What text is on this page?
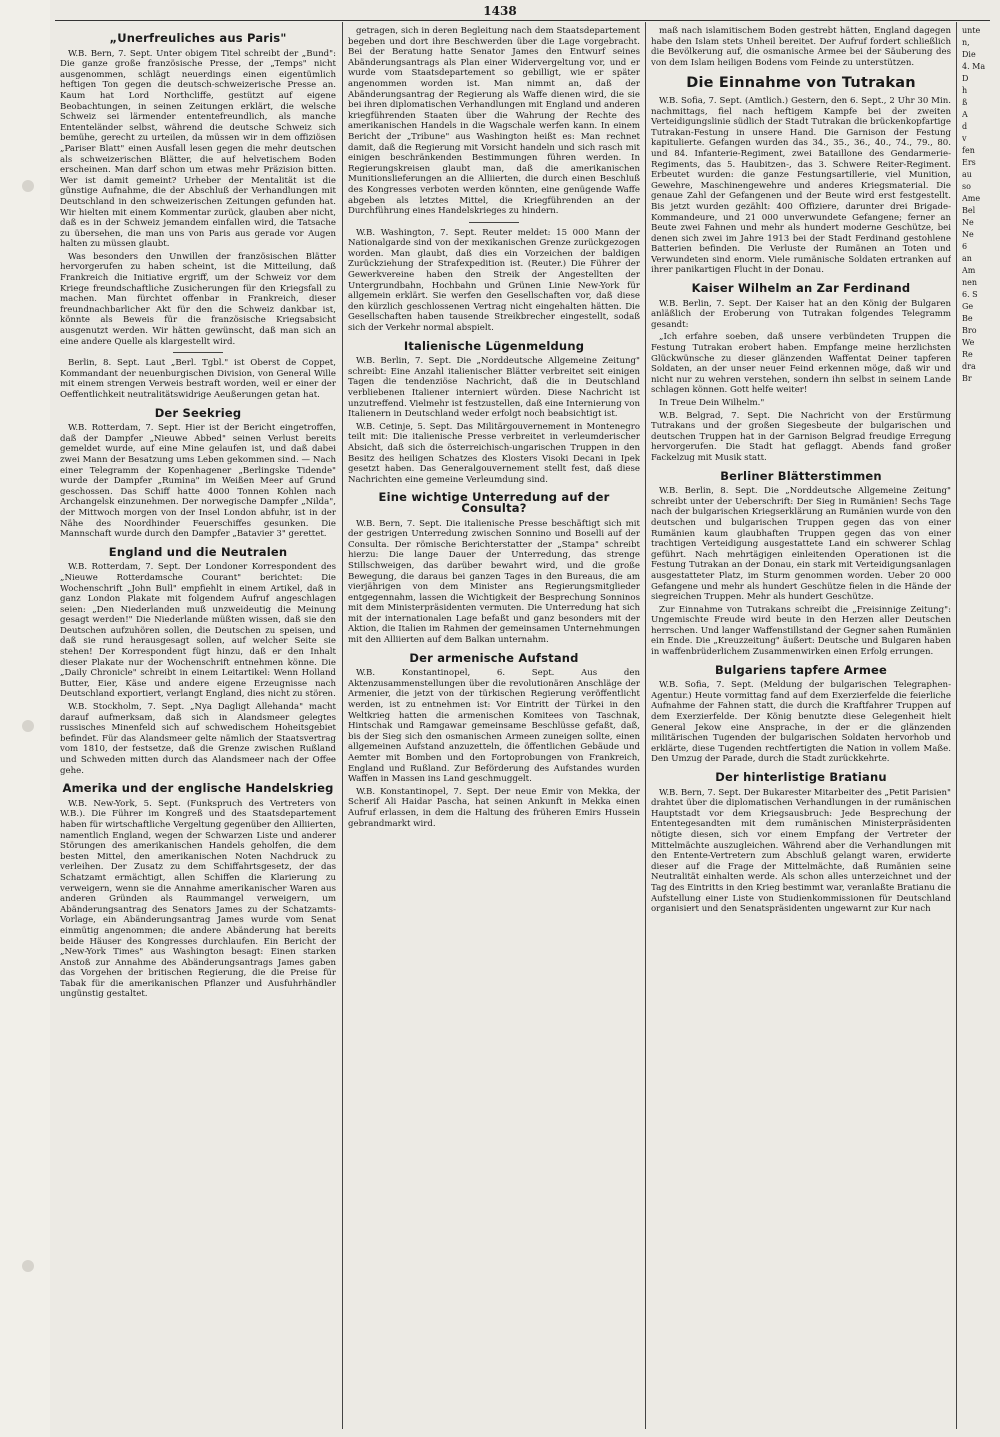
1438
„Unerfreuliches aus Paris"

W.B. Bern, 7. Sept. Unter obigem Titel schreibt der „Bund": Die ganze große französische Presse, der „Temps" nicht ausgenommen, schlägt neuerdings einen eigentümlich heftigen Ton gegen die deutsch-schweizerische Presse an. Kaum hat Lord Northcliffe, gestützt auf eigene Beobachtungen, in seinen Zeitungen erklärt, die welsche Schweiz sei lärmender ententefreundlich, als manche Ententeländer selbst, während die deutsche Schweiz sich bemühe, gerecht zu urteilen, da müssen wir in dem offiziösen „Pariser Blatt" einen Ausfall lesen gegen die mehr deutschen als schweizerischen Blätter, die auf helvetischem Boden erscheinen. Man darf schon um etwas mehr Präzision bitten. Wer ist damit gemeint? Urheber der Mentalität ist die günstige Aufnahme, die der Abschluß der Verhandlungen mit Deutschland in den schweizerischen Zeitungen gefunden hat. Wir hielten mit einem Kommentar zurück, glauben aber nicht, daß es in der Schweiz jemandem einfallen wird, die Tatsache zu übersehen, die man uns von Paris aus gerade vor Augen halten zu müssen glaubt.

Was besonders den Unwillen der französischen Blätter hervorgerufen zu haben scheint, ist die Mitteilung, daß Frankreich die Initiative ergriff, um der Schweiz vor dem Kriege freundschaftliche Zusicherungen für den Kriegsfall zu machen. Man fürchtet offenbar in Frankreich, dieser freundnachbarlicher Akt für den die Schweiz dankbar ist, könnte als Beweis für die französische Kriegsabsicht ausgenutzt werden. Wir hätten gewünscht, daß man sich an eine andere Quelle als klargestellt wird.

Berlin, 8. Sept. Laut „Berl. Tgbl." ist Oberst de Coppet, Kommandant der neuenburgischen Division, von General Wille mit einem strengen Verweis bestraft worden, weil er einer der Oeffentlichkeit neutralitätswidrige Aeußerungen getan hat.

Der Seekrieg

W.B. Rotterdam, 7. Sept. Hier ist der Bericht eingetroffen, daß der Dampfer „Nieuwe Abbed" seinen Verlust bereits gemeldet wurde, auf eine Mine gelaufen ist, und daß dabei zwei Mann der Besatzung ums Leben gekommen sind. — Nach einer Telegramm der Kopenhagener „Berlingske Tidende" wurde der Dampfer „Rumina" im Weißen Meer auf Grund geschossen. Das Schiff hatte 4000 Tonnen Kohlen nach Archangelsk einzunehmen. Der norwegische Dampfer „Nilda", der Mittwoch morgen von der Insel London abfuhr, ist in der Nähe des Noordhinder Feuerschiffes gesunken. Die Mannschaft wurde durch den Dampfer „Batavier 3" gerettet.

England und die Neutralen

W.B. Rotterdam, 7. Sept. Der Londoner Korrespondent des „Nieuwe Rotterdamsche Courant" berichtet: Die Wochenschrift „John Bull" empfiehlt in einem Artikel, daß in ganz London Plakate mit folgendem Aufruf angeschlagen seien: „Den Niederlanden muß unzweideutig die Meinung gesagt werden!" Die Niederlande müßten wissen, daß sie den Deutschen aufzuhören sollen, die Deutschen zu speisen, und daß sie rund herausgesagt sollen, auf welcher Seite sie stehen! Der Korrespondent fügt hinzu, daß er den Inhalt dieser Plakate nur der Wochenschrift entnehmen könne. Die „Daily Chronicle" schreibt in einem Leitartikel: Wenn Holland Butter, Eier, Käse und andere eigene Erzeugnisse nach Deutschland exportiert, verlangt England, dies nicht zu stören.

W.B. Stockholm, 7. Sept. „Nya Dagligt Allehanda" macht darauf aufmerksam, daß sich in Alandsmeer gelegtes russisches Minenfeld sich auf schwedischem Hoheitsgebiet befindet. Für das Alandsmeer gelte nämlich der Staatsvertrag vom 1810, der festsetze, daß die Grenze zwischen Rußland und Schweden mitten durch das Alandsmeer nach der Offee gehe.

Amerika und der englische Handelskrieg

W.B. New-York, 5. Sept. (Funkspruch des Vertreters von W.B.). Die Führer im Kongreß und des Staatsdepartement haben für wirtschaftliche Vergeltung gegenüber den Alliierten, namentlich England, wegen der Schwarzen Liste und anderer Störungen des amerikanischen Handels geholfen, die dem besten Mittel, den amerikanischen Noten Nachdruck zu verleihen. Der Zusatz zu dem Schiffahrtsgesetz, der das Schatzamt ermächtigt, allen Schiffen die Klarierung zu verweigern, wenn sie die Annahme amerikanischer Waren aus anderen Gründen als Raummangel verweigern, um Abänderungsantrag des Senators James zu der Schatzamts-Vorlage, ein Abänderungsantrag James wurde vom Senat einmütig angenommen; die andere Abänderung hat bereits beide Häuser des Kongresses durchlaufen. Ein Bericht der „New-York Times" aus Washington besagt: Einen starken Anstoß zur Annahme des Abänderungsantrags James gaben das Vorgehen der britischen Regierung, die die Preise für Tabak für die amerikanischen Pflanzer und Ausfuhrhändler ungünstig gestaltet.

getragen, sich in deren Begleitung nach dem Staatsdepartement begeben und dort ihre Beschwerden über die Lage vorgebracht. Bei der Beratung hatte Senator James den Entwurf seines Abänderungsantrags als Plan einer Widervergeltung vor, und er wurde vom Staatsdepartement so gebilligt, wie er später angenommen worden ist. Man nimmt an, daß der Abänderungsantrag der Regierung als Waffe dienen wird, die sie bei ihren diplomatischen Verhandlungen mit England und anderen kriegführenden Staaten über die Wahrung der Rechte des amerikanischen Handels in die Wagschale werfen kann. In einem Bericht der „Tribune" aus Washington heißt es: Man rechnet damit, daß die Regierung mit Vorsicht handeln und sich rasch mit einigen beschränkenden Bestimmungen führen werden. In Regierungskreisen glaubt man, daß die amerikanischen Munitionslieferungen an die Alliierten, die durch einen Beschluß des Kongresses verboten werden könnten, eine genügende Waffe abgeben als letztes Mittel, die Kriegführenden an der Durchführung eines Handelskrieges zu hindern.

W.B. Washington, 7. Sept. Reuter meldet: 15 000 Mann der Nationalgarde sind von der mexikanischen Grenze zurückgezogen worden. Man glaubt, daß dies ein Vorzeichen der baldigen Zurückziehung der Strafexpedition ist. (Reuter.) Die Führer der Gewerkvereine haben den Streik der Angestellten der Untergrundbahn, Hochbahn und Grünen Linie New-York für allgemein erklärt. Sie werfen den Gesellschaften vor, daß diese den kürzlich geschlossenen Vertrag nicht eingehalten hätten. Die Gesellschaften haben tausende Streikbrecher eingestellt, sodaß sich der Verkehr normal abspielt.

Italienische Lügenmeldung

W.B. Berlin, 7. Sept. Die „Norddeutsche Allgemeine Zeitung" schreibt: Eine Anzahl italienischer Blätter verbreitet seit einigen Tagen die tendenziöse Nachricht, daß die in Deutschland verbliebenen Italiener interniert würden. Diese Nachricht ist unzutreffend. Vielmehr ist festzustellen, daß eine Internierung von Italienern in Deutschland weder erfolgt noch beabsichtigt ist.

W.B. Cetinje, 5. Sept. Das Militärgouvernement in Montenegro teilt mit: Die italienische Presse verbreitet in verleumderischer Absicht, daß sich die österreichisch-ungarischen Truppen in den Besitz des heiligen Schatzes des Klosters Visoki Decani in Ipek gesetzt haben. Das Generalgouvernement stellt fest, daß diese Nachrichten eine gemeine Verleumdung sind.

Eine wichtige Unterredung auf der Consulta?

W.B. Bern, 7. Sept. Die italienische Presse beschäftigt sich mit der gestrigen Unterredung zwischen Sonnino und Boselli auf der Consulta. Der römische Berichterstatter der „Stampa" schreibt hierzu: Die lange Dauer der Unterredung, das strenge Stillschweigen, das darüber bewahrt wird, und die große Bewegung, die daraus bei ganzen Tages in den Bureaus, die am vierjährigen von dem Minister ans Regierungsmitglieder entgegennahm, lassen die Wichtigkeit der Besprechung Sonninos mit dem Ministerpräsidenten vermuten. Die Unterredung hat sich mit der internationalen Lage befaßt und ganz besonders mit der Aktion, die Italien im Rahmen der gemeinsamen Unternehmungen mit den Alliierten auf dem Balkan unternahm.

Der armenische Aufstand

W.B. Konstantinopel, 6. Sept. Aus den Aktenzusammenstellungen über die revolutionären Anschläge der Armenier, die jetzt von der türkischen Regierung veröffentlicht werden, ist zu entnehmen ist: Vor Eintritt der Türkei in den Weltkrieg hatten die armenischen Komitees von Taschnak, Hintschak und Ramgawar gemeinsame Beschlüsse gefaßt, daß, bis der Sieg sich den osmanischen Armeen zuneigen sollte, einen allgemeinen Aufstand anzuzetteln, die öffentlichen Gebäude und Aemter mit Bomben und den Fortoprobungen von Frankreich, England und Rußland. Zur Beförderung des Aufstandes wurden Waffen in Massen ins Land geschmuggelt.

W.B. Konstantinopel, 7. Sept. Der neue Emir von Mekka, der Scherif Ali Haidar Pascha, hat seinen Ankunft in Mekka einen Aufruf erlassen, in dem die Haltung des früheren Emirs Hussein gebrandmarkt wird.

maß nach islamitischem Boden gestrebt hätten, England dagegen habe den Islam stets Unheil bereitet. Der Aufruf fordert schließlich die Bevölkerung auf, die osmanische Armee bei der Säuberung des von dem Islam heiligen Bodens vom Feinde zu unterstützen.

Die Einnahme von Tutrakan

W.B. Sofia, 7. Sept. (Amtlich.) Gestern, den 6. Sept., 2 Uhr 30 Min. nachmittags, fiel nach heftigem Kampfe bei der zweiten Verteidigungslinie südlich der Stadt Tutrakan die brückenkopfartige Tutrakan-Festung in unsere Hand. Die Garnison der Festung kapitulierte. Gefangen wurden das 34., 35., 36., 40., 74., 79., 80. und 84. Infanterie-Regiment, zwei Bataillone des Gendarmerie-Regiments, das 5. Haubitzen-, das 3. Schwere Reiter-Regiment. Erbeutet wurden: die ganze Festungsartillerie, viel Munition, Gewehre, Maschinengewehre und anderes Kriegsmaterial. Die genaue Zahl der Gefangenen und der Beute wird erst festgestellt. Bis jetzt wurden gezählt: 400 Offiziere, darunter drei Brigade-Kommandeure, und 21 000 unverwundete Gefangene; ferner an Beute zwei Fahnen und mehr als hundert moderne Geschütze, bei denen sich zwei im Jahre 1913 bei der Stadt Ferdinand gestohlene Batterien befinden. Die Verluste der Rumänen an Toten und Verwundeten sind enorm. Viele rumänische Soldaten ertranken auf ihrer panikartigen Flucht in der Donau.

Kaiser Wilhelm an Zar Ferdinand

W.B. Berlin, 7. Sept. Der Kaiser hat an den König der Bulgaren anläßlich der Eroberung von Tutrakan folgendes Telegramm gesandt:

„Ich erfahre soeben, daß unsere verbündeten Truppen die Festung Tutrakan erobert haben. Empfange meine herzlichsten Glückwünsche zu dieser glänzenden Waffentat Deiner tapferen Soldaten, an der unser neuer Feind erkennen möge, daß wir und nicht nur zu wehren verstehen, sondern ihn selbst in seinem Lande schlagen können. Gott helfe weiter!

In Treue Dein Wilhelm."

W.B. Belgrad, 7. Sept. Die Nachricht von der Erstürmung Tutrakans und der großen Siegesbeute der bulgarischen und deutschen Truppen hat in der Garnison Belgrad freudige Erregung hervorgerufen. Die Stadt hat geflaggt. Abends fand großer Fackelzug mit Musik statt.

Berliner Blätterstimmen

W.B. Berlin, 8. Sept. Die „Norddeutsche Allgemeine Zeitung" schreibt unter der Ueberschrift: Der Sieg in Rumänien! Sechs Tage nach der bulgarischen Kriegserklärung an Rumänien wurde von den deutschen und bulgarischen Truppen gegen das von einer Rumänien kaum glaubhaften Truppen gegen das von einer trachtigen Verteidigung ausgestattete Land ein schwerer Schlag geführt. Nach mehrtägigen einleitenden Operationen ist die Festung Tutrakan an der Donau, ein stark mit Verteidigungsanlagen ausgestatteter Platz, im Sturm genommen worden. Ueber 20 000 Gefangene und mehr als hundert Geschütze fielen in die Hände der siegreichen Truppen. Mehr als hundert Geschütze.

Zur Einnahme von Tutrakans schreibt die „Freisinnige Zeitung": Ungemischte Freude wird beute in den Herzen aller Deutschen herrschen. Und langer Waffenstillstand der Gegner sahen Rumänien ein Ende. Die „Kreuzzeitung" äußert: Deutsche und Bulgaren haben in waffenbrüderlichem Zusammenwirken einen Erfolg errungen.

Bulgariens tapfere Armee

W.B. Sofia, 7. Sept. (Meldung der bulgarischen Telegraphen-Agentur.) Heute vormittag fand auf dem Exerzierfelde die feierliche Aufnahme der Fahnen statt, die durch die Kraftfahrer Truppen auf dem Exerzierfelde. Der König benutzte diese Gelegenheit hielt General Jekow eine Ansprache, in der er die glänzenden militärischen Tugenden der bulgarischen Soldaten hervorhob und erklärte, diese Tugenden rechtfertigten die Nation in vollem Maße. Den Umzug der Parade, durch die Stadt zurückkehrte.

Der hinterlistige Bratianu

W.B. Bern, 7. Sept. Der Bukarester Mitarbeiter des „Petit Parisien" drahtet über die diplomatischen Verhandlungen in der rumänischen Hauptstadt vor dem Kriegsausbruch: Jede Besprechung der Ententegesandten mit dem rumänischen Ministerpräsidenten nötigte diesen, sich vor einem Empfang der Vertreter der Mittelmächte auszugleichen. Während aber die Verhandlungen mit den Entente-Vertretern zum Abschluß gelangt waren, erwiderte dieser auf die Frage der Mittelmächte, daß Rumänien seine Neutralität einhalten werde. Als schon alles unterzeichnet und der Tag des Eintritts in den Krieg bestimmt war, veranlaßte Bratianu die Aufstellung einer Liste von Studienkommissionen für Deutschland organisiert und den Senatspräsidenten ungewarnt zur Kur nach

unte

n,

Die

4. Ma

D

h

ß

A

d

v

fen

Ers

au

so

Ame

Bel

Ne

Ne

6

an

Am

nen

6. S

Ge

Be

Bro

We

Re

dra

Br
